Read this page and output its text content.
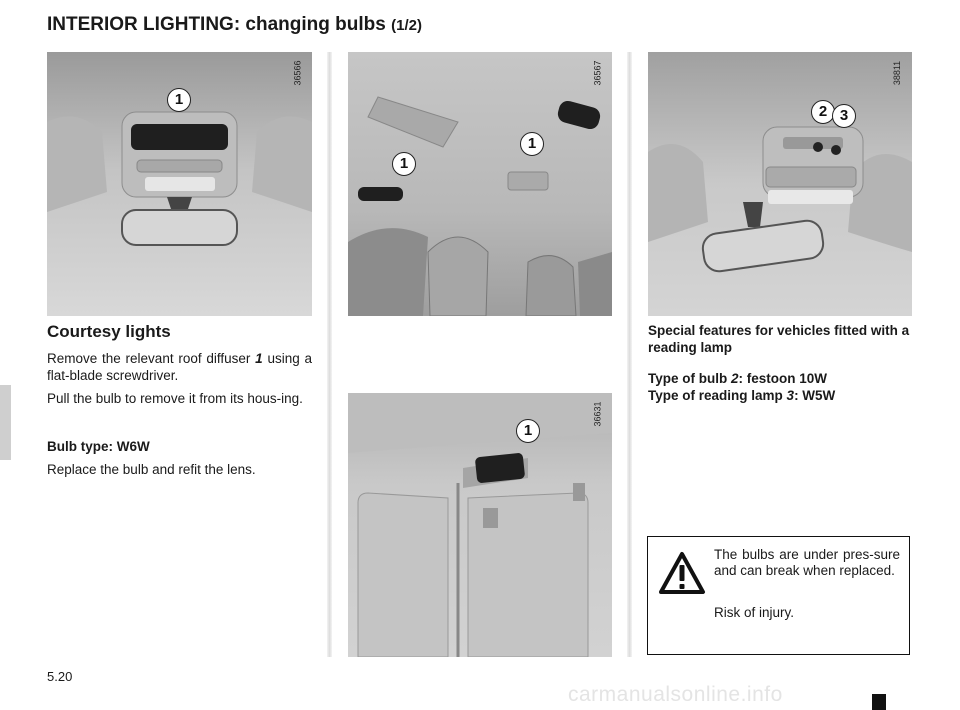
INTERIOR LIGHTING: changing bulbs (1/2)
36566
1
36567
1
1
38811
2 3
36631
1
Courtesy lights

Remove the relevant roof diffuser 1 using a flat-blade screwdriver.

Pull the bulb to remove it from its hous-ing.

Bulb type: W6W

Replace the bulb and refit the lens.

Special features for vehicles fitted with a reading lamp

Type of bulb 2: festoon 10W

Type of reading lamp 3: W5W

The bulbs are under pres-sure and can break when replaced.

Risk of injury.

5.20
carmanualsonline.info
